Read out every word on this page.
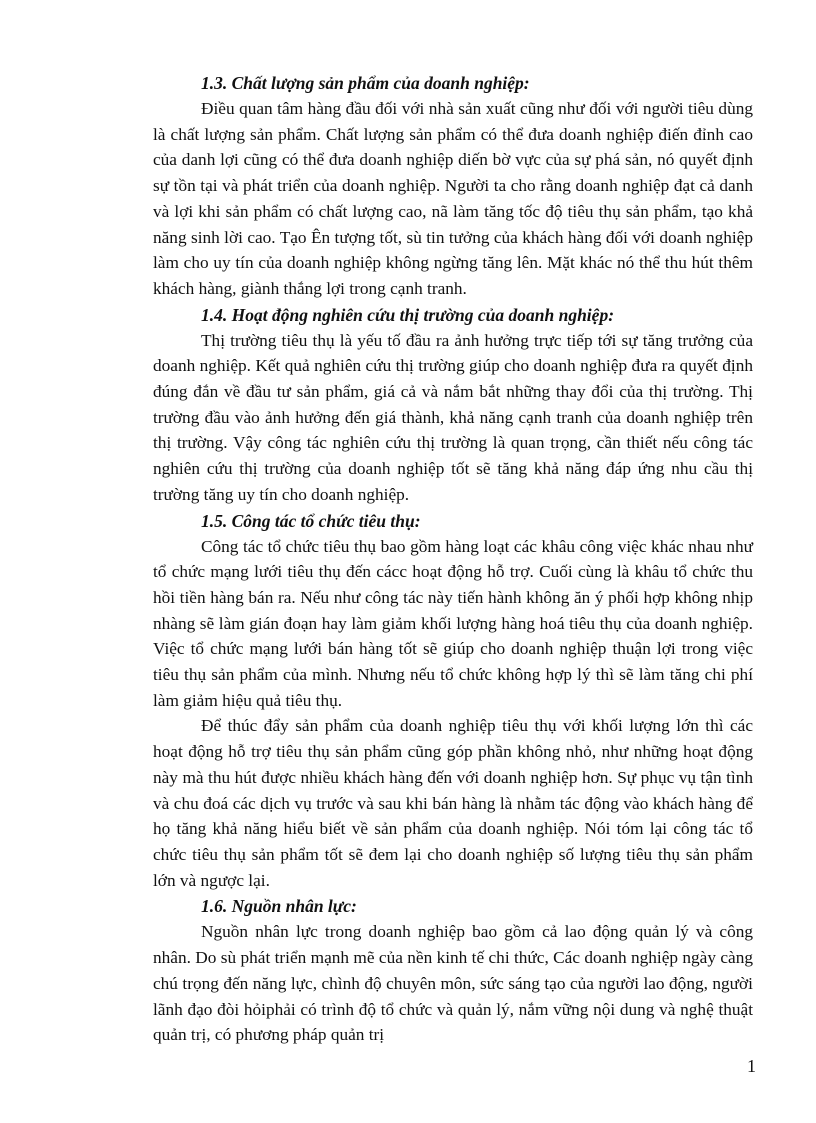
1.3. Chất lượng sản phẩm của doanh nghiệp:

Điều quan tâm hàng đầu đối với nhà sản xuất cũng như đối với người tiêu dùng là chất lượng sản phẩm. Chất lượng sản phẩm có thể đưa doanh nghiệp điến đỉnh cao của danh lợi cũng có thể đưa doanh nghiệp diến bờ vực của sự phá sản, nó quyết định sự tồn tại và phát triển của doanh nghiệp. Người ta cho rằng doanh nghiệp đạt cả danh và lợi khi sản phẩm có chất lượng cao, nã làm tăng tốc độ tiêu thụ sản phẩm, tạo khả năng sinh lời cao. Tạo Ên tượng tốt, sù tin tưởng của khách hàng đối với doanh nghiệp làm cho uy tín của doanh nghiệp không ngừng tăng lên. Mặt khác nó thể thu hút thêm khách hàng, giành thắng lợi trong cạnh tranh.

1.4. Hoạt động nghiên cứu thị trường của doanh nghiệp:

Thị trường tiêu thụ là yếu tố đầu ra ảnh hưởng trực tiếp tới sự tăng trưởng của doanh nghiệp. Kết quả nghiên cứu thị trường giúp cho doanh nghiệp đưa ra quyết định đúng đắn về đầu tư sản phẩm, giá cả và nắm bắt những thay đổi của thị trường. Thị trường đầu vào ảnh hưởng đến giá thành, khả năng cạnh tranh của doanh nghiệp trên thị trường. Vậy công tác nghiên cứu thị trường là quan trọng, cần thiết nếu công tác nghiên cứu thị trường của doanh nghiệp tốt sẽ tăng khả năng đáp ứng nhu cầu thị trường tăng uy tín cho doanh nghiệp.

1.5. Công tác tổ chức tiêu thụ:

Công tác tổ chức tiêu thụ bao gồm hàng loạt các khâu công việc khác nhau như tổ chức mạng lưới tiêu thụ đến cácc hoạt động hỗ trợ. Cuối cùng là khâu tổ chức thu hồi tiền hàng bán ra. Nếu như công tác này tiến hành không ăn ý phối hợp không nhịp nhàng sẽ làm gián đoạn hay làm giảm khối lượng hàng hoá tiêu thụ của doanh nghiệp. Việc tổ chức mạng lưới bán hàng tốt sẽ giúp cho doanh nghiệp thuận lợi trong việc tiêu thụ sản phẩm của mình. Nhưng nếu tổ chức không hợp lý thì sẽ làm tăng chi phí làm giảm hiệu quả tiêu thụ.

Để thúc đẩy sản phẩm của doanh nghiệp tiêu thụ với khối lượng lớn thì các hoạt động hỗ trợ tiêu thụ sản phẩm cũng góp phần không nhỏ, như những hoạt động này mà thu hút được nhiều khách hàng đến với doanh nghiệp hơn. Sự phục vụ tận tình và chu đoá các dịch vụ trước và sau khi bán hàng là nhằm tác động vào khách hàng để họ tăng khả năng hiểu biết về sản phẩm của doanh nghiệp. Nói tóm lại công tác tổ chức tiêu thụ sản phẩm tốt sẽ đem lại cho doanh nghiệp số lượng tiêu thụ sản phẩm lớn và ngược lại.

1.6. Nguồn nhân lực:

Nguồn nhân lực trong doanh nghiệp bao gồm cả lao động quản lý và công nhân. Do sù phát triển mạnh mẽ của nền kinh tế chi thức, Các doanh nghiệp ngày càng chú trọng đến năng lực, chình độ chuyên môn, sức sáng tạo của người lao động, người lãnh đạo đòi hỏiphải có trình độ tổ chức và quản lý, nắm vững nội dung và nghệ thuật quản trị, có phương pháp quản trị

1
